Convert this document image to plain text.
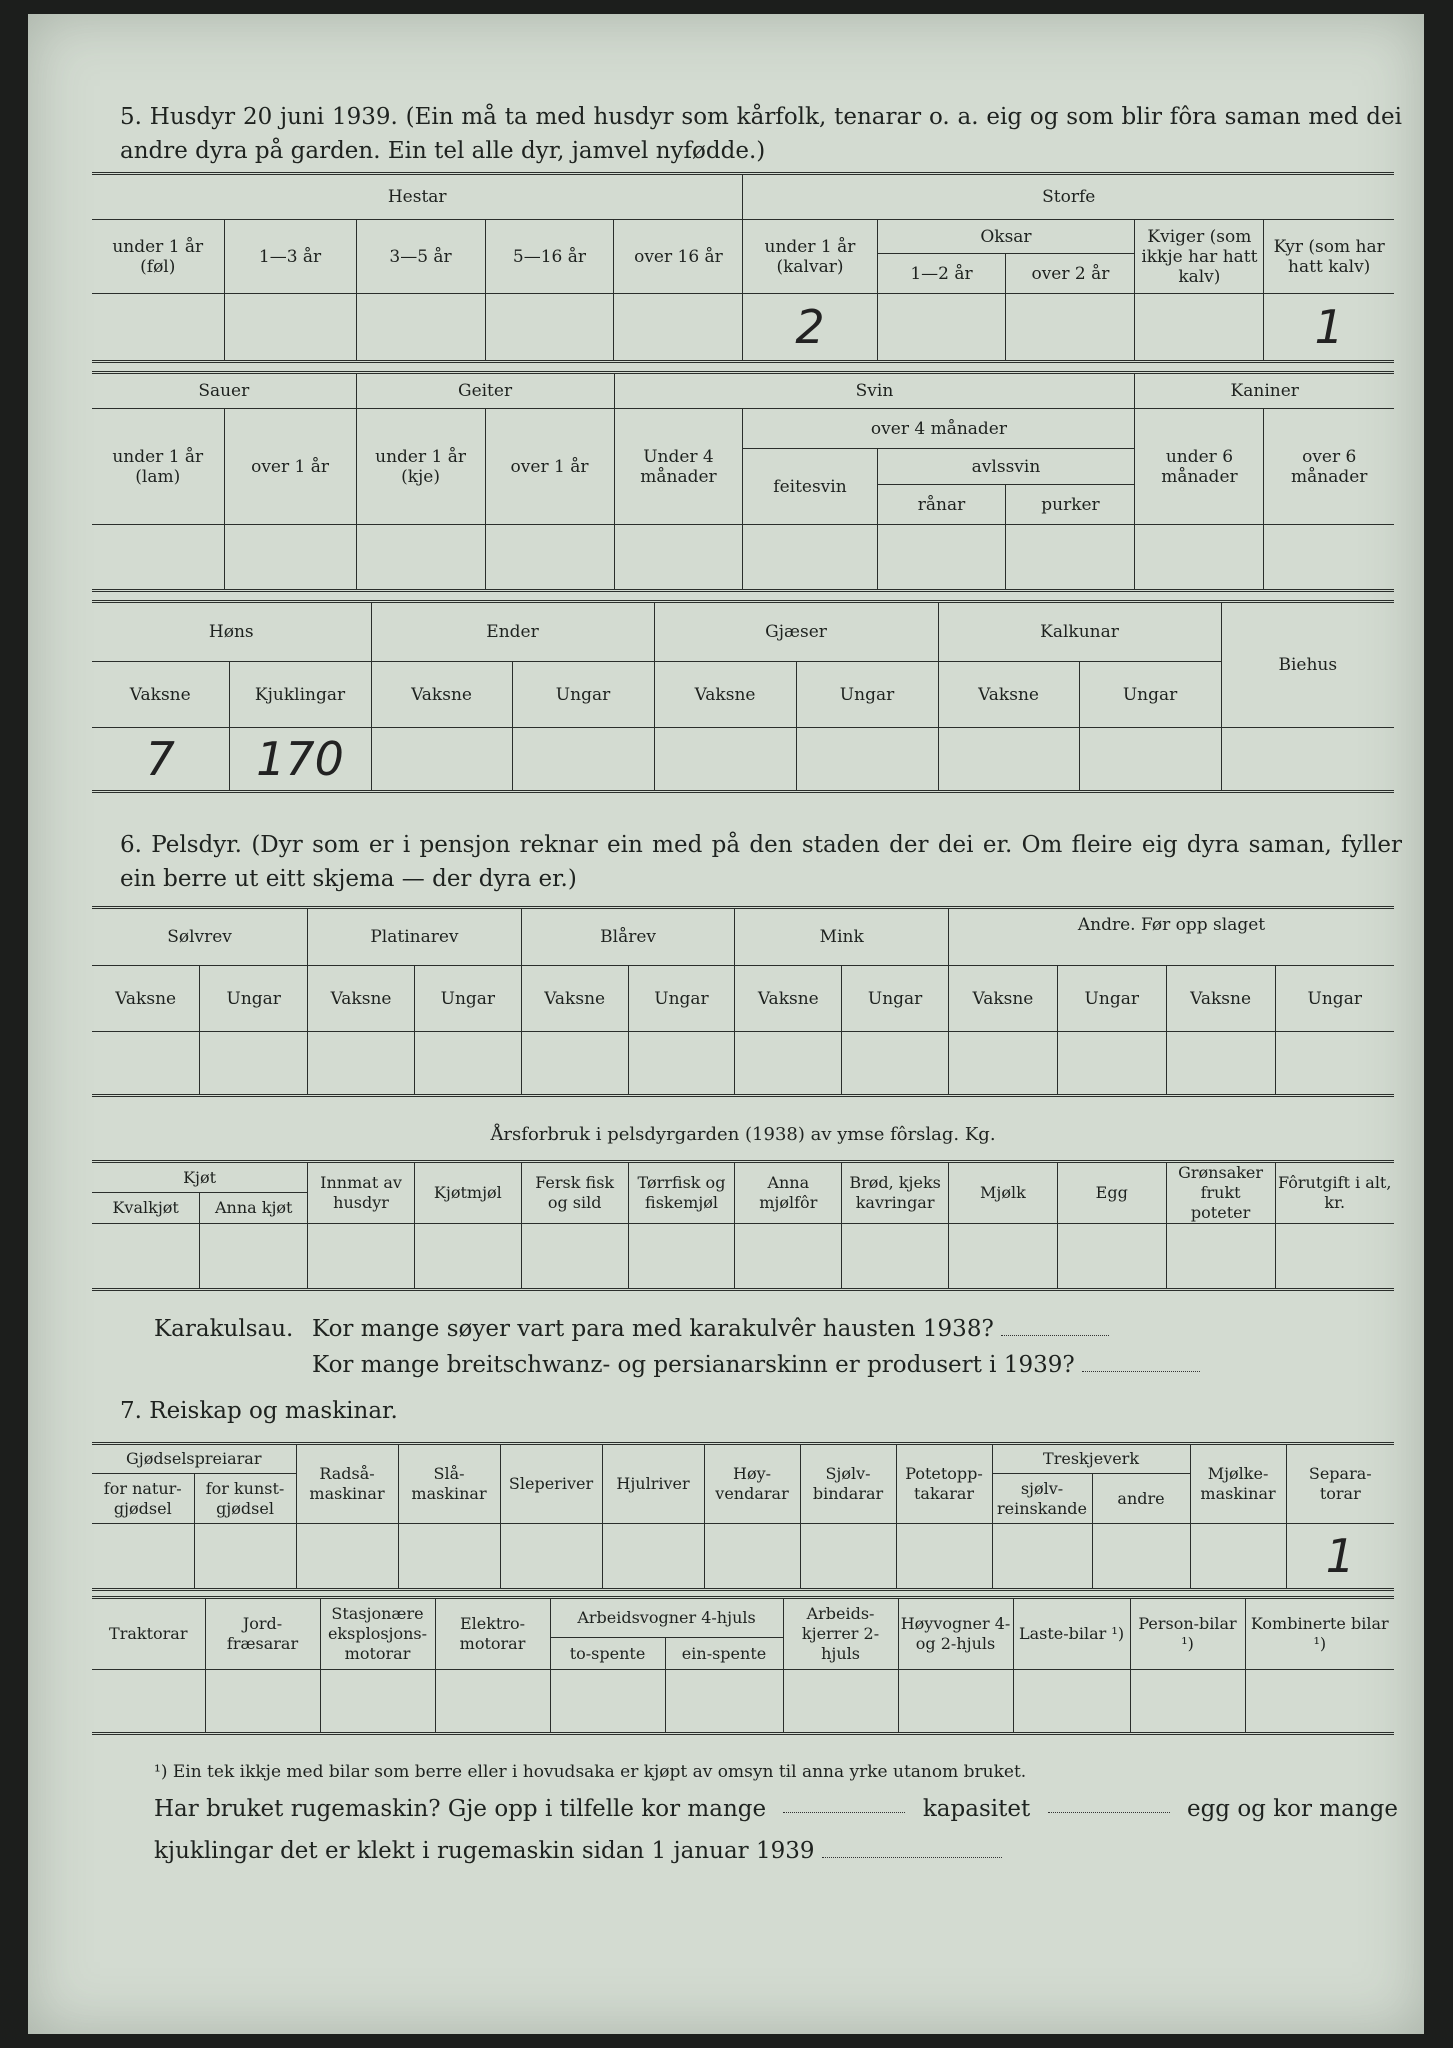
5. Husdyr 20 juni 1939. (Ein må ta med husdyr som kårfolk, tenarar o. a. eig og som blir fôra saman med dei andre dyra på garden. Ein tel alle dyr, jamvel nyfødde.)
Hestar					Storfe				
under 1 år (føl)	1—3 år	3—5 år	5—16 år	over 16 år	under 1 år (kalvar)	Oksar		Kviger (som ikkje har hatt kalv)	Kyr (som har hatt kalv)
						1—2 år	over 2 år		
					2				1
Sauer		Geiter		Svin				Kaniner	
under 1 år (lam)	over 1 år	under 1 år (kje)	over 1 år	Under 4 månader	over 4 månader			under 6 månader	over 6 månader
					feitesvin	avlssvin			
						rånar	purker		

Høns		Ender		Gjæser		Kalkunar		Biehus
Vaksne	Kjuklingar	Vaksne	Ungar	Vaksne	Ungar	Vaksne	Ungar	
7	170							
6. Pelsdyr. (Dyr som er i pensjon reknar ein med på den staden der dei er. Om fleire eig dyra saman, fyller ein berre ut eitt skjema — der dyra er.)
Sølvrev		Platinarev		Blårev		Mink		Andre. Før opp slaget			
Vaksne	Ungar	Vaksne	Ungar	Vaksne	Ungar	Vaksne	Ungar	Vaksne	Ungar	Vaksne	Ungar

Årsforbruk i pelsdyrgarden (1938) av ymse fôrslag. Kg.
Kjøt		Innmat av husdyr	Kjøtmjøl	Fersk fisk og sild	Tørrfisk og fiskemjøl	Anna mjølfôr	Brød, kjeks kavringar	Mjølk	Egg	Grønsaker frukt poteter	Fôrutgift i alt, kr.
Kvalkjøt	Anna kjøt										

Karakulsau. Kor mange søyer vart para med karakulvêr hausten 1938?
Kor mange breitschwanz- og persianarskinn er produsert i 1939?
7. Reiskap og maskinar.
Gjødselspreiarar		Radså-maskinar	Slå-maskinar	Sleperiver	Hjulriver	Høy-vendarar	Sjølv-bindarar	Potetopp-takarar	Treskjeverk		Mjølke-maskinar	Separa-torar
for natur-gjødsel	for kunst-gjødsel								sjølv-reinskande	andre		
												1
Traktorar	Jord-fræsarar	Stasjonære eksplosjons-motorar	Elektro-motorar	Arbeidsvogner 4-hjuls		Arbeids-kjerrer 2-hjuls	Høyvogner 4- og 2-hjuls	Laste-bilar ¹)	Person-bilar ¹)	Kombinerte bilar ¹)
				to-spente	ein-spente					

¹) Ein tek ikkje med bilar som berre eller i hovudsaka er kjøpt av omsyn til anna yrke utanom bruket.
Har bruket rugemaskin? Gje opp i tilfelle kor mange	kapasitet	egg og kor mange
kjuklingar det er klekt i rugemaskin sidan 1 januar 1939
